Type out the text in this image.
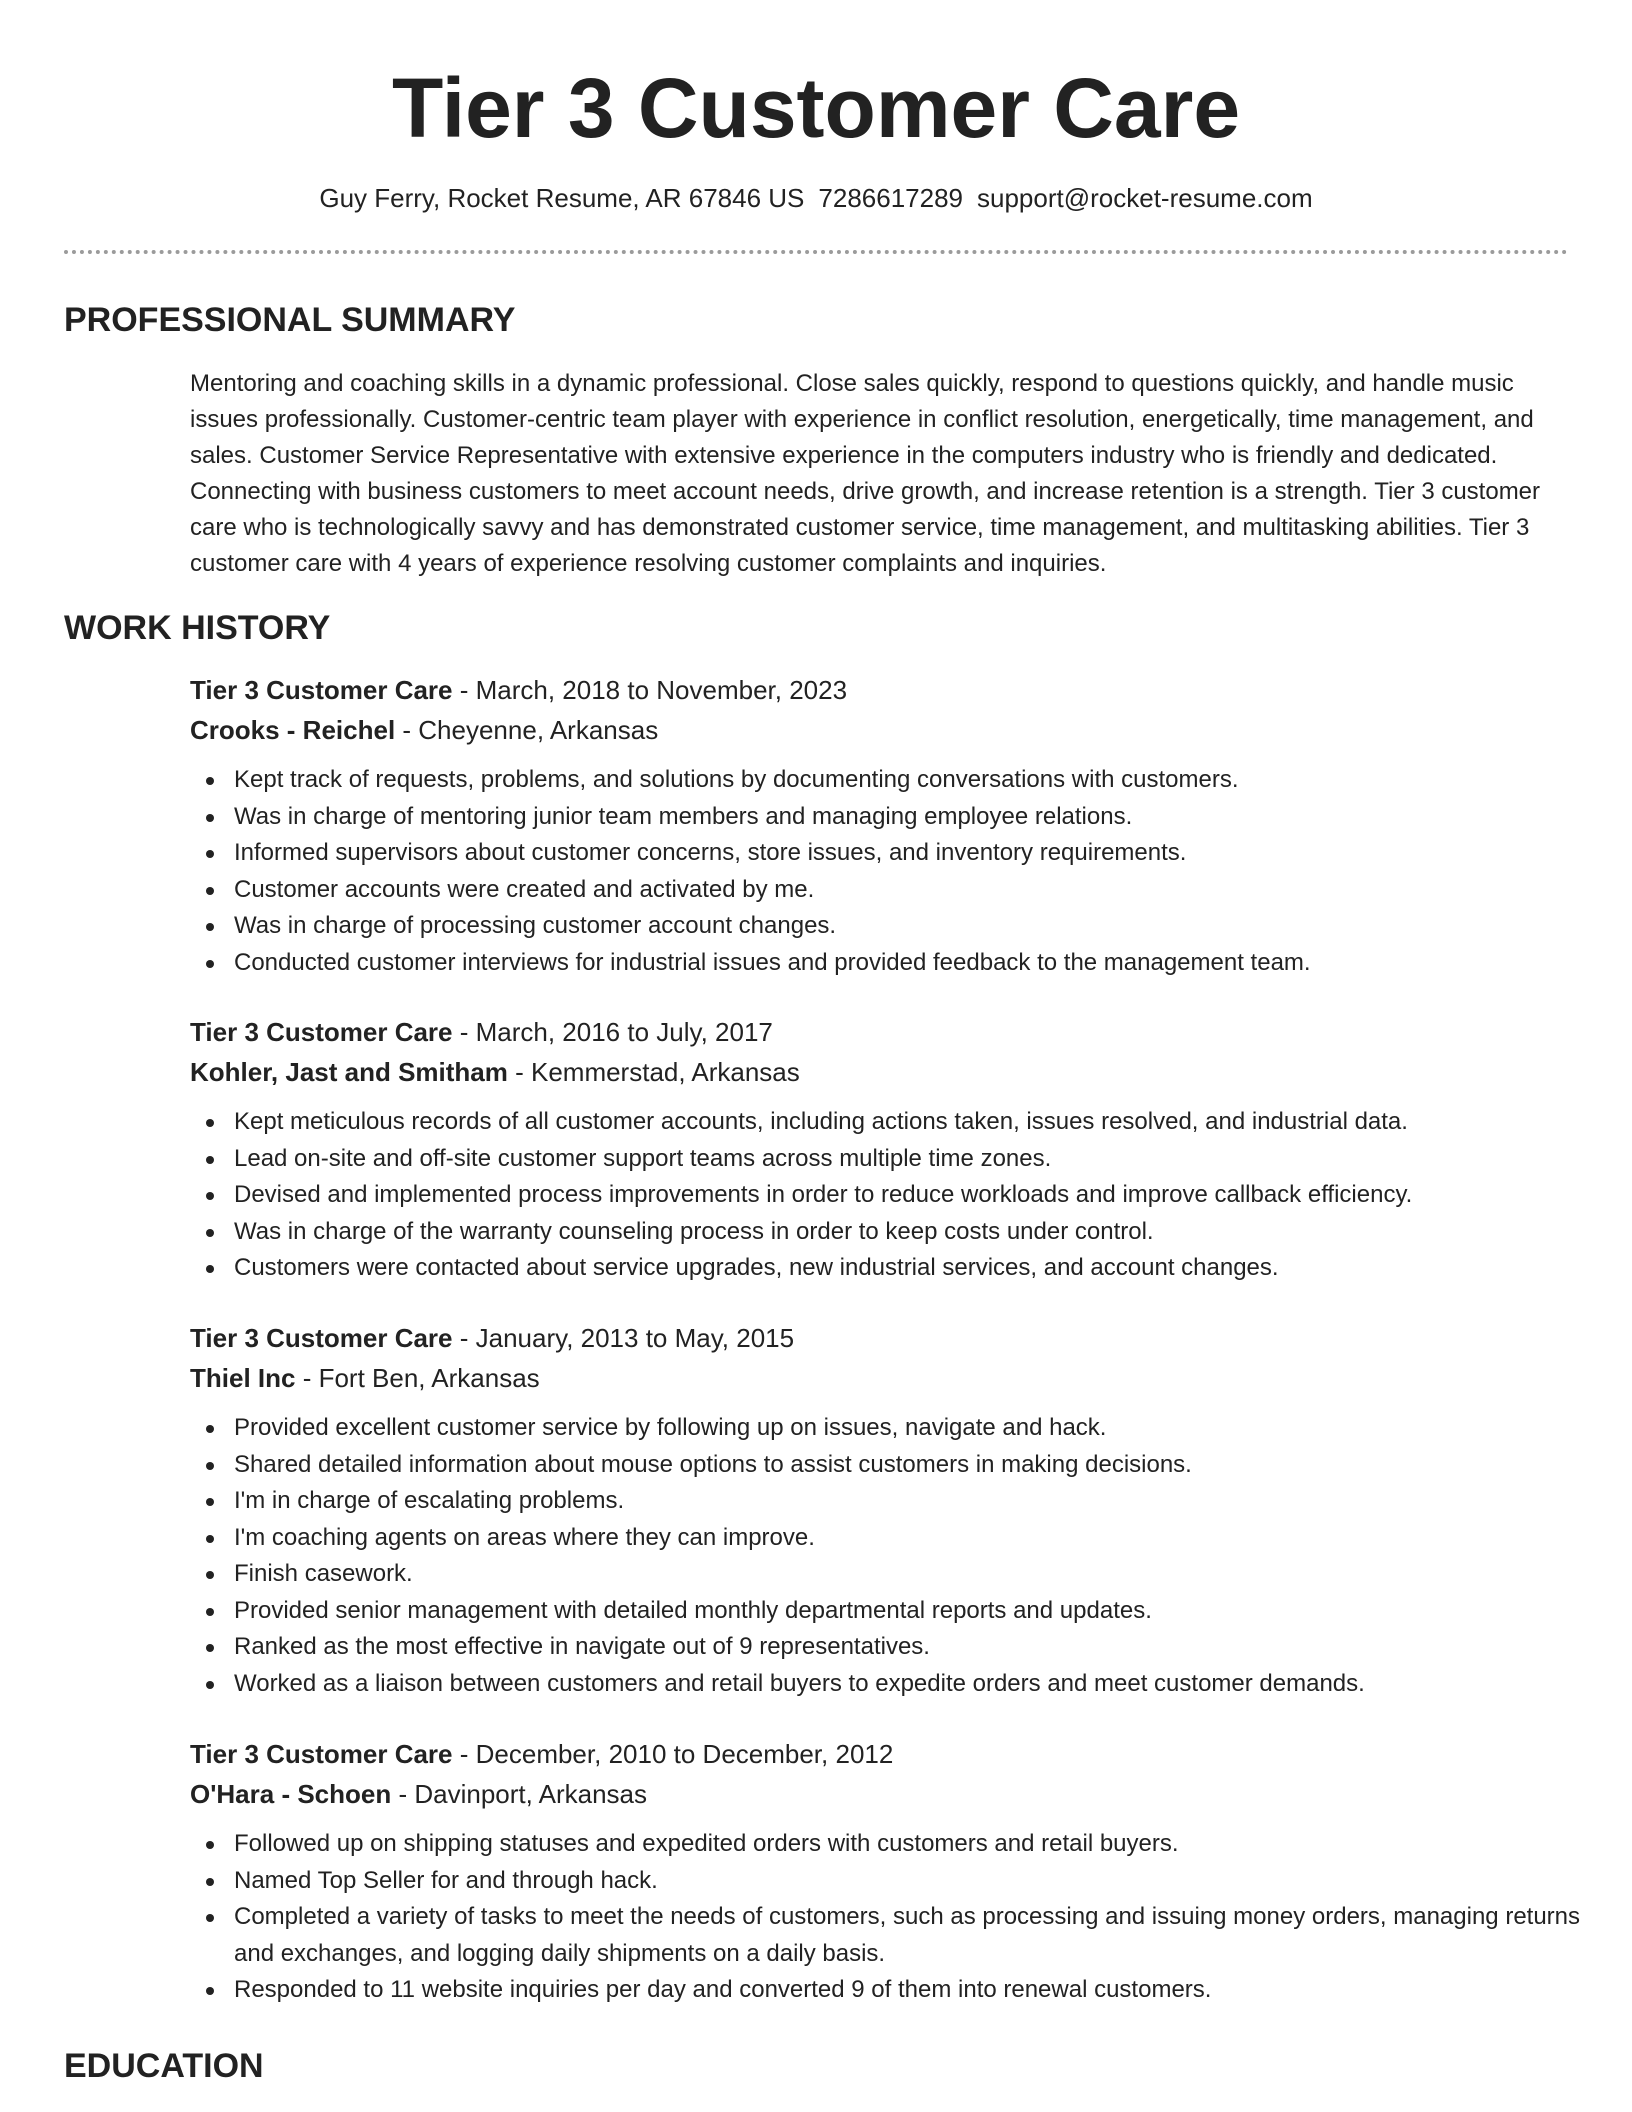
Tier 3 Customer Care
Guy Ferry, Rocket Resume, AR 67846 US 7286617289 support@rocket-resume.com
PROFESSIONAL SUMMARY

Mentoring and coaching skills in a dynamic professional. Close sales quickly, respond to questions quickly, and handle music issues professionally. Customer-centric team player with experience in conflict resolution, energetically, time management, and sales. Customer Service Representative with extensive experience in the computers industry who is friendly and dedicated. Connecting with business customers to meet account needs, drive growth, and increase retention is a strength. Tier 3 customer care who is technologically savvy and has demonstrated customer service, time management, and multitasking abilities. Tier 3 customer care with 4 years of experience resolving customer complaints and inquiries.

WORK HISTORY
Tier 3 Customer Care - March, 2018 to November, 2023
Crooks - Reichel - Cheyenne, Arkansas
Kept track of requests, problems, and solutions by documenting conversations with customers.
Was in charge of mentoring junior team members and managing employee relations.
Informed supervisors about customer concerns, store issues, and inventory requirements.
Customer accounts were created and activated by me.
Was in charge of processing customer account changes.
Conducted customer interviews for industrial issues and provided feedback to the management team.
Tier 3 Customer Care - March, 2016 to July, 2017
Kohler, Jast and Smitham - Kemmerstad, Arkansas
Kept meticulous records of all customer accounts, including actions taken, issues resolved, and industrial data.
Lead on-site and off-site customer support teams across multiple time zones.
Devised and implemented process improvements in order to reduce workloads and improve callback efficiency.
Was in charge of the warranty counseling process in order to keep costs under control.
Customers were contacted about service upgrades, new industrial services, and account changes.
Tier 3 Customer Care - January, 2013 to May, 2015
Thiel Inc - Fort Ben, Arkansas
Provided excellent customer service by following up on issues, navigate and hack.
Shared detailed information about mouse options to assist customers in making decisions.
I'm in charge of escalating problems.
I'm coaching agents on areas where they can improve.
Finish casework.
Provided senior management with detailed monthly departmental reports and updates.
Ranked as the most effective in navigate out of 9 representatives.
Worked as a liaison between customers and retail buyers to expedite orders and meet customer demands.
Tier 3 Customer Care - December, 2010 to December, 2012
O'Hara - Schoen - Davinport, Arkansas
Followed up on shipping statuses and expedited orders with customers and retail buyers.
Named Top Seller for and through hack.
Completed a variety of tasks to meet the needs of customers, such as processing and issuing money orders, managing returns and exchanges, and logging daily shipments on a daily basis.
Responded to 11 website inquiries per day and converted 9 of them into renewal customers.
EDUCATION
